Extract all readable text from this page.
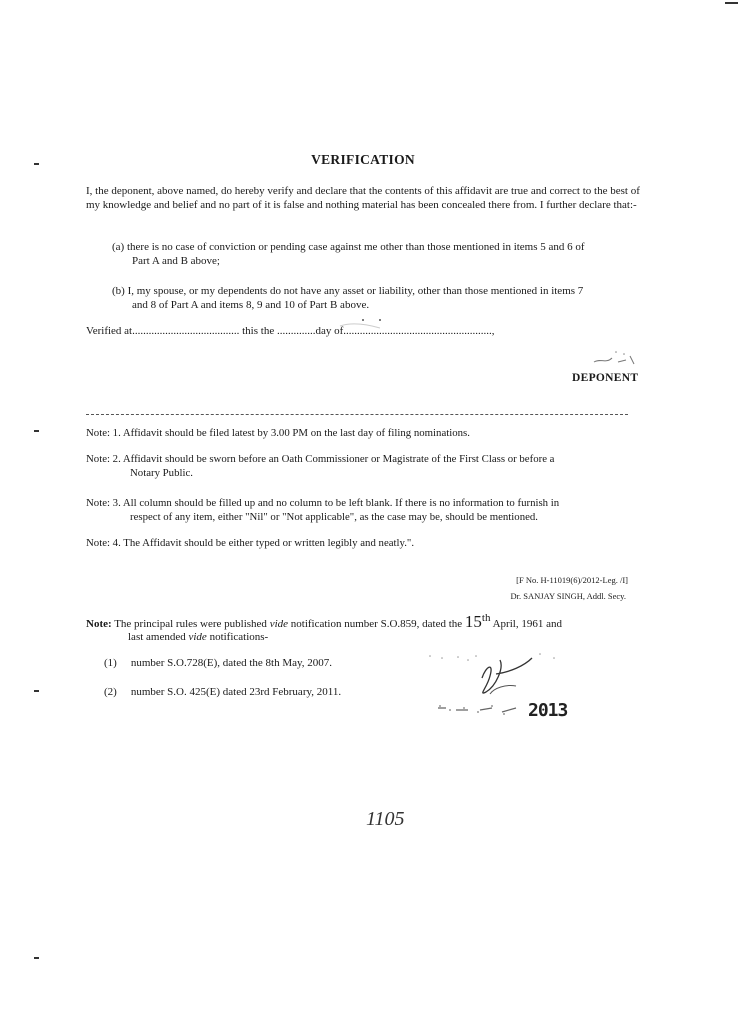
VERIFICATION
I, the deponent, above named, do hereby verify and declare that the contents of this affidavit are true and correct to the best of my knowledge and belief and no part of it is false and nothing material has been concealed there from. I further declare that:-
(a) there is no case of conviction or pending case against me other than those mentioned in items 5 and 6 of
Part A and B above;
(b) I, my spouse, or my dependents do not have any asset or liability, other than those mentioned in items 7
and 8 of Part A and items 8, 9 and 10 of Part B above.
Verified at....................................... this the ..............day of......................................................,
DEPONENT
Note: 1. Affidavit should be filed latest by 3.00 PM on the last day of filing nominations.
Note: 2. Affidavit should be sworn before an Oath Commissioner or Magistrate of the First Class or before a
Notary Public.
Note: 3. All column should be filled up and no column to be left blank. If there is no information to furnish in
respect of any item, either "Nil" or "Not applicable", as the case may be, should be mentioned.
Note: 4. The Affidavit should be either typed or written legibly and neatly.".
[F No. H-11019(6)/2012-Leg. /I]
Dr. SANJAY SINGH, Addl. Secy.
Note: The principal rules were published vide notification number S.O.859, dated the 15th April, 1961 and
last amended vide notifications-
(1) number S.O.728(E), dated the 8th May, 2007.
(2) number S.O. 425(E) dated 23rd February, 2011.
2013
1105
